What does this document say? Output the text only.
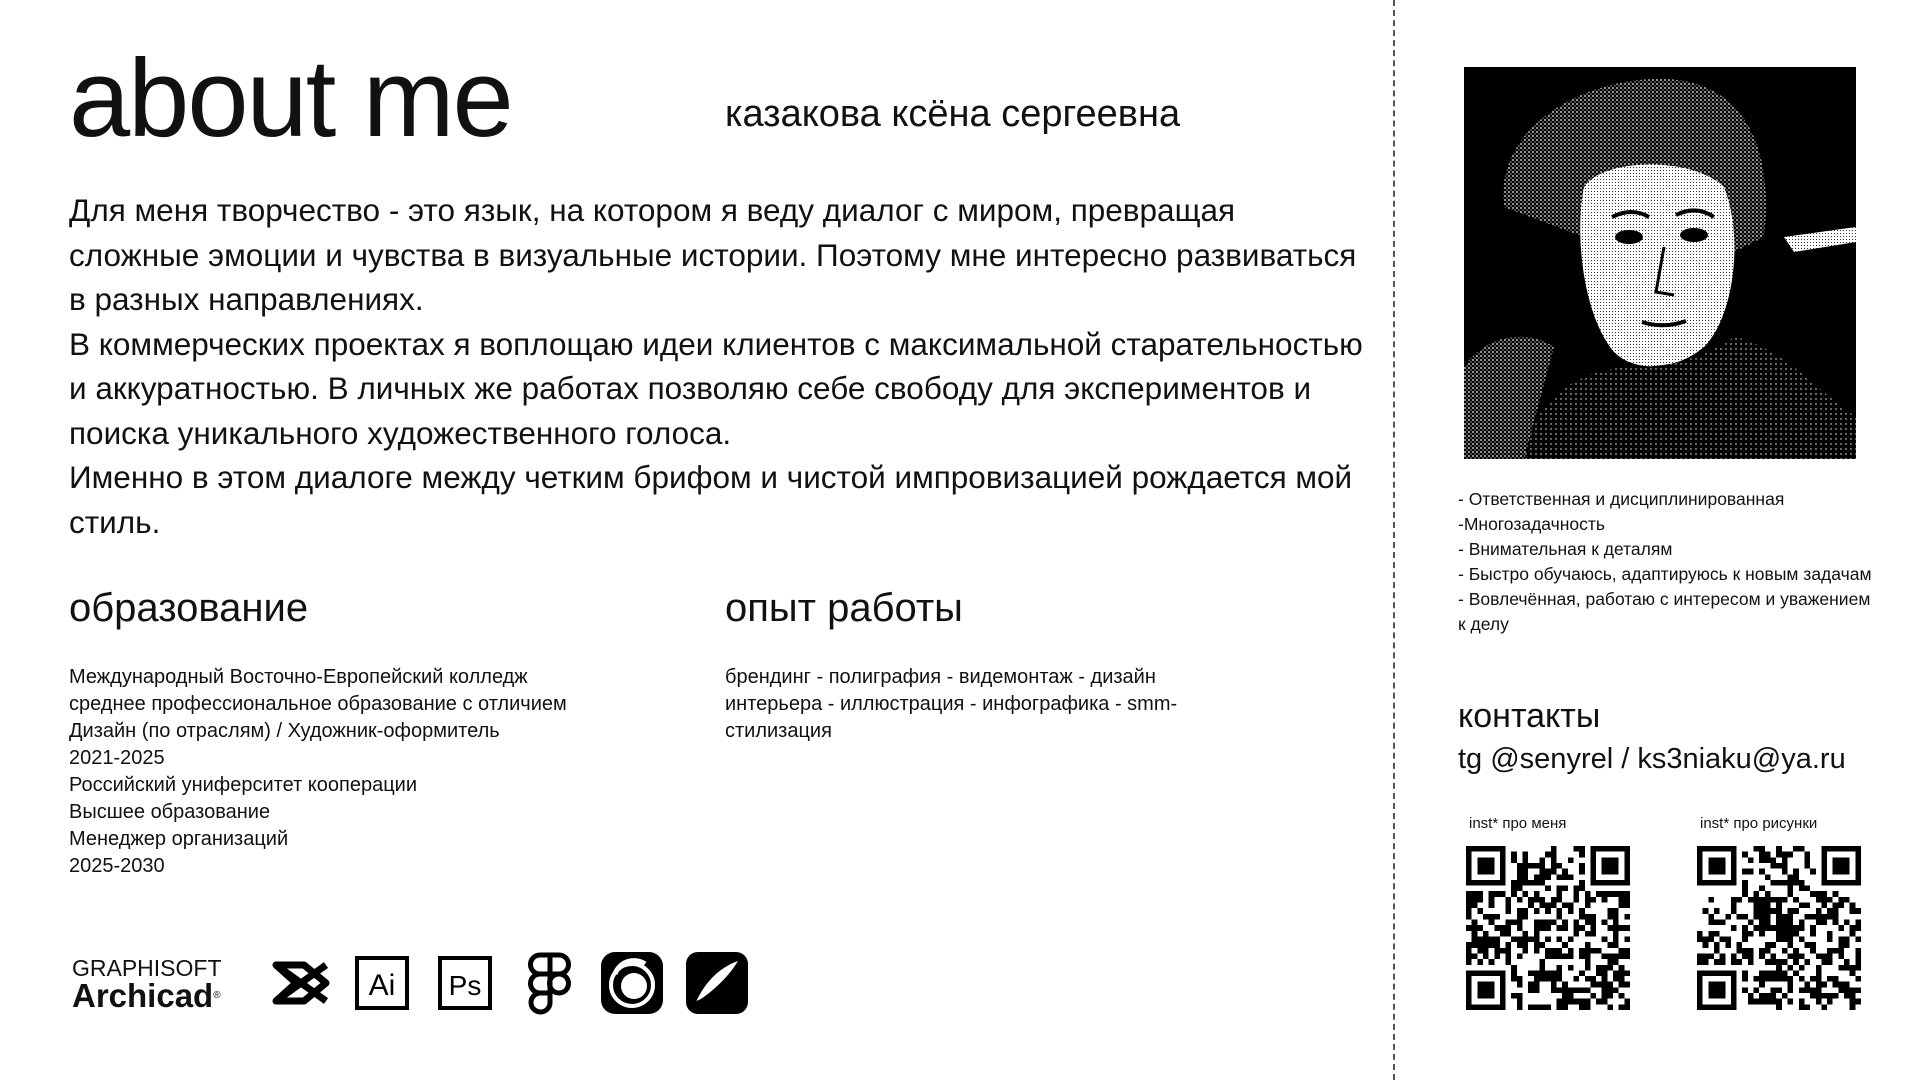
about me	казакова ксёна сергеевна

Для меня творчество - это язык, на котором я веду диалог с миром, превращая сложные эмоции и чувства в визуальные истории. Поэтому мне интересно развиваться в разных направлениях.

В коммерческих проектах я воплощаю идеи клиентов с максимальной старательностью и аккуратностью. В личных же работах позволяю себе свободу для экспериментов и поиска уникального художественного голоса.

Именно в этом диалоге между четким брифом и чистой импровизацией рождается мой стиль.

образование	опыт работы
Международный Восточно-Европейский колледж
среднее профессиональное образование с отличием
Дизайн (по отраслям) / Художник-оформитель
2021-2025
Российский униферситет кооперации
Высшее образование
Менеджер организаций
2025-2030
брендинг - полиграфия - видемонтаж - дизайн
интерьера - иллюстрация - инфографика - smm-
стилизация
GRAPHISOFT
Archicad®	Ai Ps
- Ответственная и дисциплинированная
-Многозадачность
- Внимательная к деталям
- Быстро обучаюсь, адаптируюсь к новым задачам
- Вовлечённая, работаю с интересом и уважением к делу
контакты
tg @senyrel / ks3niaku@ya.ru
inst* про меня	inst* про рисунки
